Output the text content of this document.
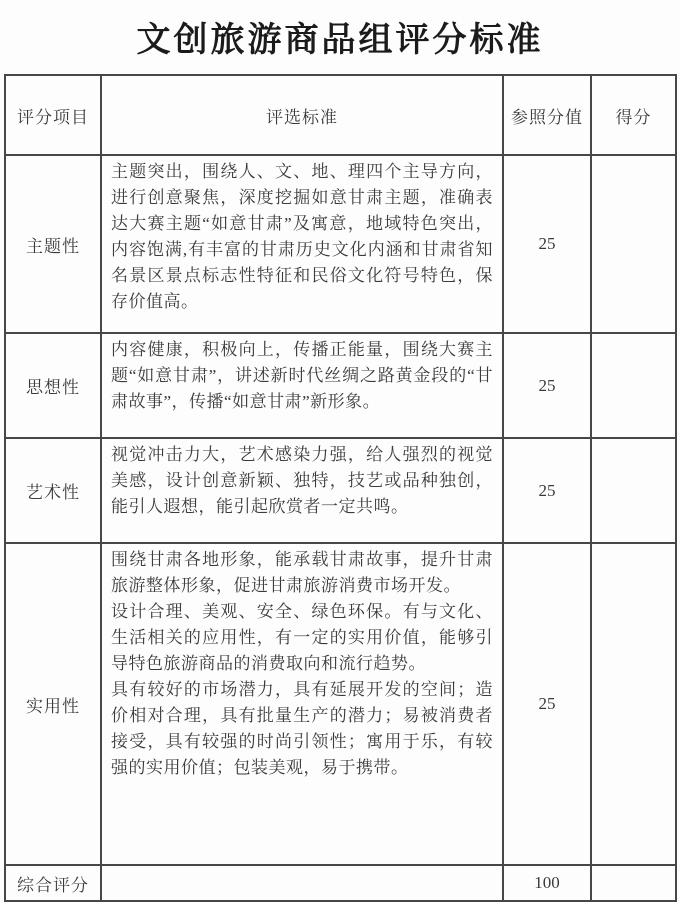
文创旅游商品组评分标准
评分项目	评选标准	参照分值	得分
主题性	主题突出，围绕人、文、地、理四个主导方向，进行创意聚焦，深度挖掘如意甘肃主题，准确表达大赛主题“如意甘肃”及寓意，地域特色突出，内容饱满,有丰富的甘肃历史文化内涵和甘肃省知名景区景点标志性特征和民俗文化符号特色，保存价值高。	25	
思想性	内容健康，积极向上，传播正能量，围绕大赛主题“如意甘肃”，讲述新时代丝绸之路黄金段的“甘肃故事”，传播“如意甘肃”新形象。	25	
艺术性	视觉冲击力大，艺术感染力强，给人强烈的视觉美感，设计创意新颖、独特，技艺或品种独创，能引人遐想，能引起欣赏者一定共鸣。	25	
实用性	围绕甘肃各地形象，能承载甘肃故事，提升甘肃旅游整体形象，促进甘肃旅游消费市场开发。

设计合理、美观、安全、绿色环保。有与文化、生活相关的应用性，有一定的实用价值，能够引导特色旅游商品的消费取向和流行趋势。

具有较好的市场潜力，具有延展开发的空间；造价相对合理，具有批量生产的潜力；易被消费者接受，具有较强的时尚引领性；寓用于乐，有较强的实用价值；包装美观，易于携带。	25	
综合评分		100	
